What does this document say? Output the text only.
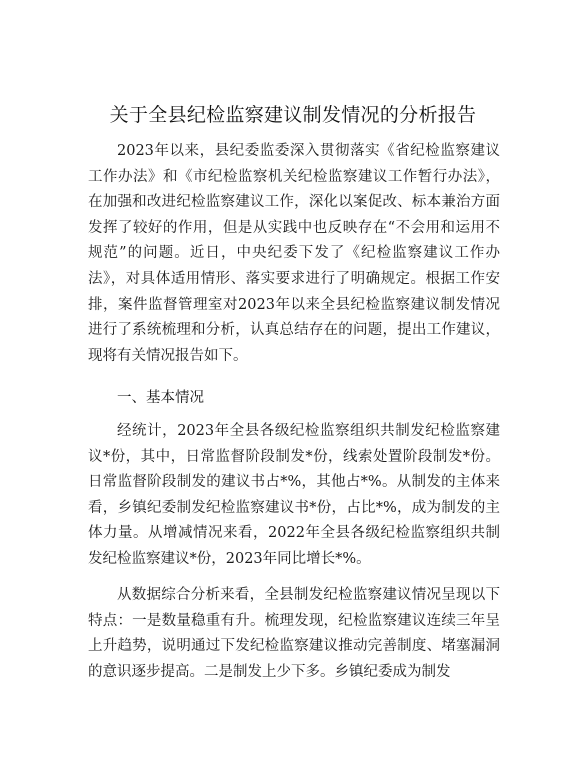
关于全县纪检监察建议制发情况的分析报告

2023年以来，县纪委监委深入贯彻落实《省纪检监察建议工作办法》和《市纪检监察机关纪检监察建议工作暂行办法》，在加强和改进纪检监察建议工作，深化以案促改、标本兼治方面发挥了较好的作用，但是从实践中也反映存在“不会用和运用不规范”的问题。近日，中央纪委下发了《纪检监察建议工作办法》，对具体适用情形、落实要求进行了明确规定。根据工作安排，案件监督管理室对2023年以来全县纪检监察建议制发情况进行了系统梳理和分析，认真总结存在的问题，提出工作建议，现将有关情况报告如下。

一、基本情况

经统计，2023年全县各级纪检监察组织共制发纪检监察建议*份，其中，日常监督阶段制发*份，线索处置阶段制发*份。日常监督阶段制发的建议书占*%，其他占*%。从制发的主体来看，乡镇纪委制发纪检监察建议书*份，占比*%，成为制发的主体力量。从增减情况来看，2022年全县各级纪检监察组织共制发纪检监察建议*份，2023年同比增长*%。

从数据综合分析来看，全县制发纪检监察建议情况呈现以下特点：一是数量稳重有升。梳理发现，纪检监察建议连续三年呈上升趋势，说明通过下发纪检监察建议推动完善制度、堵塞漏洞的意识逐步提高。二是制发上少下多。乡镇纪委成为制发
